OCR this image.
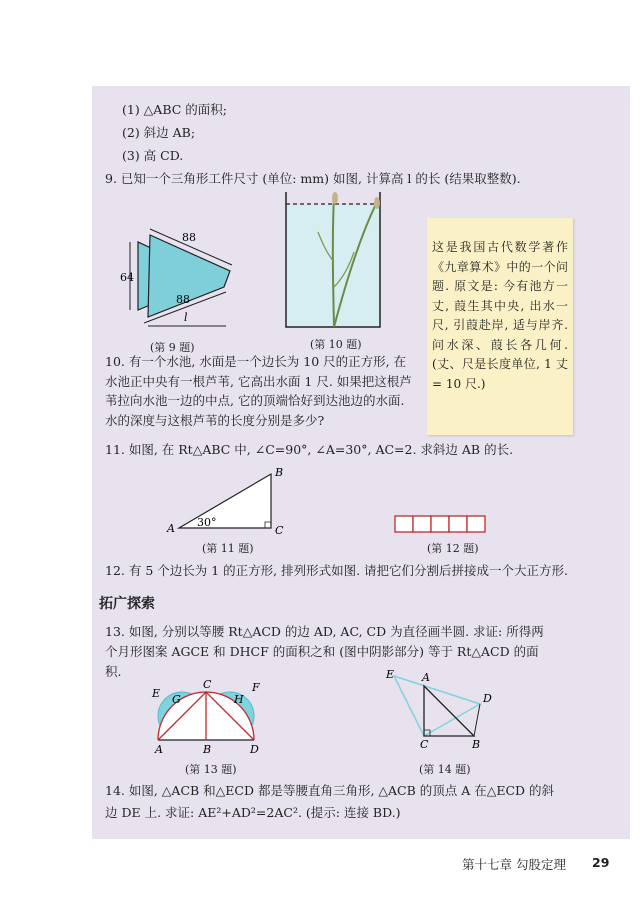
(1) △ABC 的面积;
(2) 斜边 AB;
(3) 高 CD.
9. 已知一个三角形工件尺寸 (单位: mm) 如图, 计算高 l 的长 (结果取整数).
88
88
64
l
(第 9 题)	(第 10 题)
这是我国古代数学著作《九章算术》中的一个问题. 原文是: 今有池方一丈, 葭生其中央, 出水一尺, 引葭赴岸, 适与岸齐. 问水深、葭长各几何. (丈、尺是长度单位, 1 丈 = 10 尺.)
10. 有一个水池, 水面是一个边长为 10 尺的正方形, 在水池正中央有一根芦苇, 它高出水面 1 尺. 如果把这根芦苇拉向水池一边的中点, 它的顶端恰好到达池边的水面. 水的深度与这根芦苇的长度分别是多少?
11. 如图, 在 Rt△ABC 中, ∠C=90°, ∠A=30°, AC=2. 求斜边 AB 的长.
A
B
C
30°
(第 11 题)	(第 12 题)
12. 有 5 个边长为 1 的正方形, 排列形式如图. 请把它们分割后拼接成一个大正方形.
拓广探索
13. 如图, 分别以等腰 Rt△ACD 的边 AD, AC, CD 为直径画半圆. 求证: 所得两个月形图案 AGCE 和 DHCF 的面积之和 (图中阴影部分) 等于 Rt△ACD 的面积.
E G
C
H
F
A	B	D
(第 13 题)
E	A
D
C	B
(第 14 题)
14. 如图, △ACB 和△ECD 都是等腰直角三角形, △ACB 的顶点 A 在△ECD 的斜边 DE 上. 求证: AE²+AD²=2AC². (提示: 连接 BD.)
第十七章 勾股定理 29
